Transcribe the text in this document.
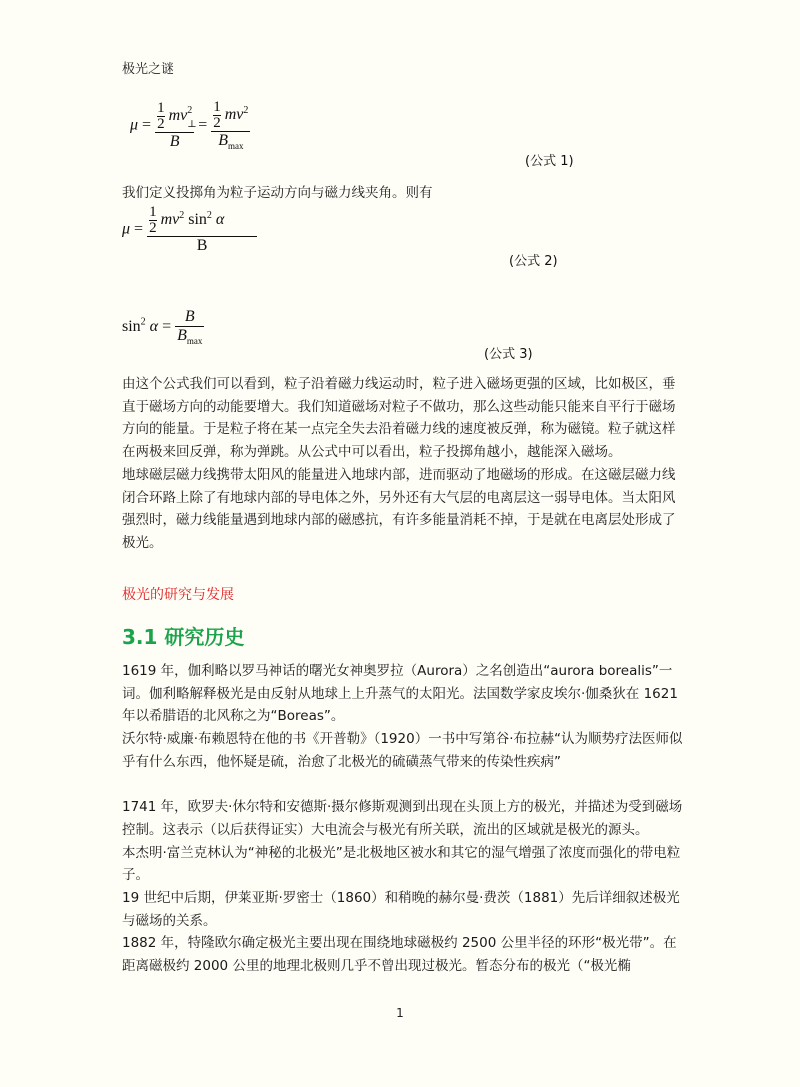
极光之谜
$\mu = \frac{1}{2} mv^2$
⊥
$B = \frac{\frac{1}{2} mv^2}{B_{max}}$
(公式 1)
我们定义投掷角为粒子运动方向与磁力线夹角。则有
$\mu = \frac{\frac{1}{2} mv^2 \sin^2 \alpha}{B}$
(公式 2)
$\sin^2 \alpha = \frac{B}{B_{max}}$
(公式 3)

由这个公式我们可以看到，粒子沿着磁力线运动时，粒子进入磁场更强的区域，比如极区，垂直于磁场方向的动能要增大。我们知道磁场对粒子不做功，那么这些动能只能来自平行于磁场方向的能量。于是粒子将在某一点完全失去沿着磁力线的速度被反弹，称为磁镜。粒子就这样在两极来回反弹，称为弹跳。从公式中可以看出，粒子投掷角越小，越能深入磁场。

地球磁层磁力线携带太阳风的能量进入地球内部，进而驱动了地磁场的形成。在这磁层磁力线闭合环路上除了有地球内部的导电体之外，另外还有大气层的电离层这一弱导电体。当太阳风强烈时，磁力线能量遇到地球内部的磁感抗，有许多能量消耗不掉，于是就在电离层处形成了极光。

极光的研究与发展
3.1 研究历史

1619 年，伽利略以罗马神话的曙光女神奥罗拉（Aurora）之名创造出“aurora borealis”一词。伽利略解释极光是由反射从地球上上升蒸气的太阳光。法国数学家皮埃尔·伽桑狄在 1621 年以希腊语的北风称之为“Boreas”。

沃尔特·威廉·布赖恩特在他的书《开普勒》（1920）一书中写第谷·布拉赫“认为顺势疗法医师似乎有什么东西，他怀疑是硫，治愈了北极光的硫磺蒸气带来的传染性疾病”

1741 年，欧罗夫·休尔特和安德斯·摄尔修斯观测到出现在头顶上方的极光，并描述为受到磁场控制。这表示（以后获得证实）大电流会与极光有所关联，流出的区域就是极光的源头。

本杰明·富兰克林认为“神秘的北极光”是北极地区被水和其它的湿气增强了浓度而强化的带电粒子。

19 世纪中后期，伊莱亚斯·罗密士（1860）和稍晚的赫尔曼·费茨（1881）先后详细叙述极光与磁场的关系。

1882 年，特隆欧尔确定极光主要出现在围绕地球磁极约 2500 公里半径的环形“极光带”。在距离磁极约 2000 公里的地理北极则几乎不曾出现过极光。暂态分布的极光（“极光椭

1
